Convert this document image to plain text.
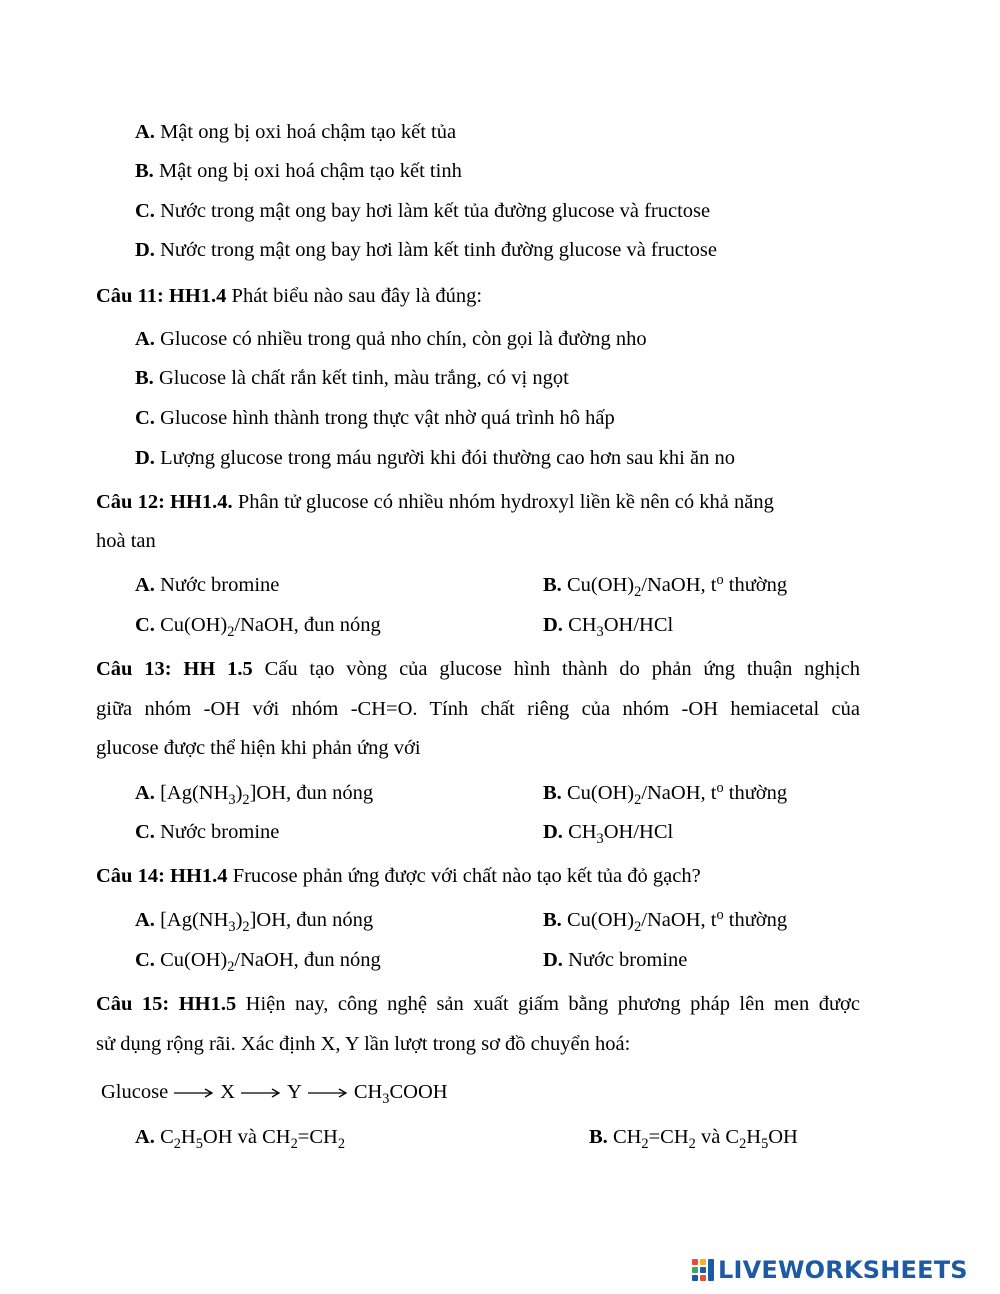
A. Mật ong bị oxi hoá chậm tạo kết tủa
B. Mật ong bị oxi hoá chậm tạo kết tinh
C. Nước trong mật ong bay hơi làm kết tủa đường glucose và fructose
D. Nước trong mật ong bay hơi làm kết tinh đường glucose và fructose
Câu 11: HH1.4 Phát biểu nào sau đây là đúng:
A. Glucose có nhiều trong quả nho chín, còn gọi là đường nho
B. Glucose là chất rắn kết tinh, màu trắng, có vị ngọt
C. Glucose hình thành trong thực vật nhờ quá trình hô hấp
D. Lượng glucose trong máu người khi đói thường cao hơn sau khi ăn no
Câu 12: HH1.4. Phân tử glucose có nhiều nhóm hydroxyl liền kề nên có khả năng
hoà tan
A. Nước bromine	B. $Cu(OH)_2$/NaOH, $t^o$ thường
C. $Cu(OH)_2$/NaOH, đun nóng	D. $CH_3OH$/HCl
Câu 13: HH 1.5 Cấu tạo vòng của glucose hình thành do phản ứng thuận nghịch
giữa nhóm -OH với nhóm -CH=O. Tính chất riêng của nhóm -OH hemiacetal của
glucose được thể hiện khi phản ứng với
A. $[Ag(NH_3)_2]OH$, đun nóng	B. $Cu(OH)_2$/NaOH, $t^o$ thường
C. Nước bromine	D. $CH_3OH$/HCl
Câu 14: HH1.4 Frucose phản ứng được với chất nào tạo kết tủa đỏ gạch?
A. $[Ag(NH_3)_2]OH$, đun nóng	B. $Cu(OH)_2$/NaOH, $t^o$ thường
C. $Cu(OH)_2$/NaOH, đun nóng	D. Nước bromine
Câu 15: HH1.5 Hiện nay, công nghệ sản xuất giấm bằng phương pháp lên men được
sử dụng rộng rãi. Xác định X, Y lần lượt trong sơ đồ chuyển hoá:
Glucose	X	Y	$CH_3COOH$
A. $C_2H_5OH$ và $CH_2=CH_2$	B. $CH_2=CH_2$ và $C_2H_5OH$
LIVEWORKSHEETS
